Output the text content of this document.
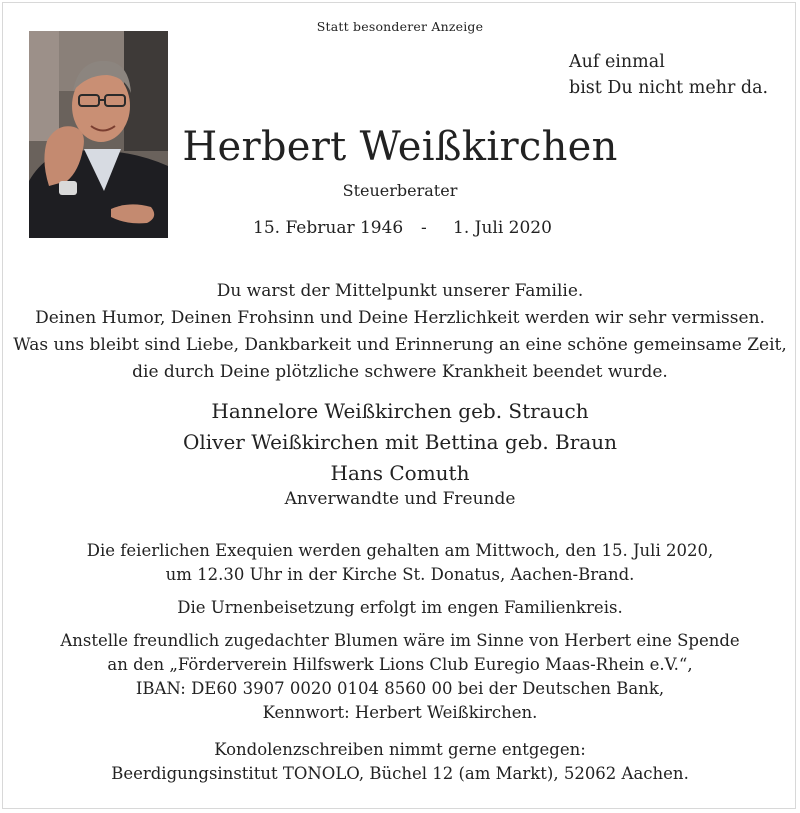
Statt besonderer Anzeige
Auf einmal
bist Du nicht mehr da.
Herbert Weißkirchen
Steuerberater
15. Februar 1946 - 1. Juli 2020
Du warst der Mittelpunkt unserer Familie.
Deinen Humor, Deinen Frohsinn und Deine Herzlichkeit werden wir sehr vermissen.
Was uns bleibt sind Liebe, Dankbarkeit und Erinnerung an eine schöne gemeinsame Zeit,
die durch Deine plötzliche schwere Krankheit beendet wurde.
Hannelore Weißkirchen geb. Strauch
Oliver Weißkirchen mit Bettina geb. Braun
Hans Comuth
Anverwandte und Freunde
Die feierlichen Exequien werden gehalten am Mittwoch, den 15. Juli 2020,
um 12.30 Uhr in der Kirche St. Donatus, Aachen-Brand.
Die Urnenbeisetzung erfolgt im engen Familienkreis.
Anstelle freundlich zugedachter Blumen wäre im Sinne von Herbert eine Spende
an den „Förderverein Hilfswerk Lions Club Euregio Maas-Rhein e.V.“,
IBAN: DE60 3907 0020 0104 8560 00 bei der Deutschen Bank,
Kennwort: Herbert Weißkirchen.
Kondolenzschreiben nimmt gerne entgegen:
Beerdigungsinstitut TONOLO, Büchel 12 (am Markt), 52062 Aachen.
